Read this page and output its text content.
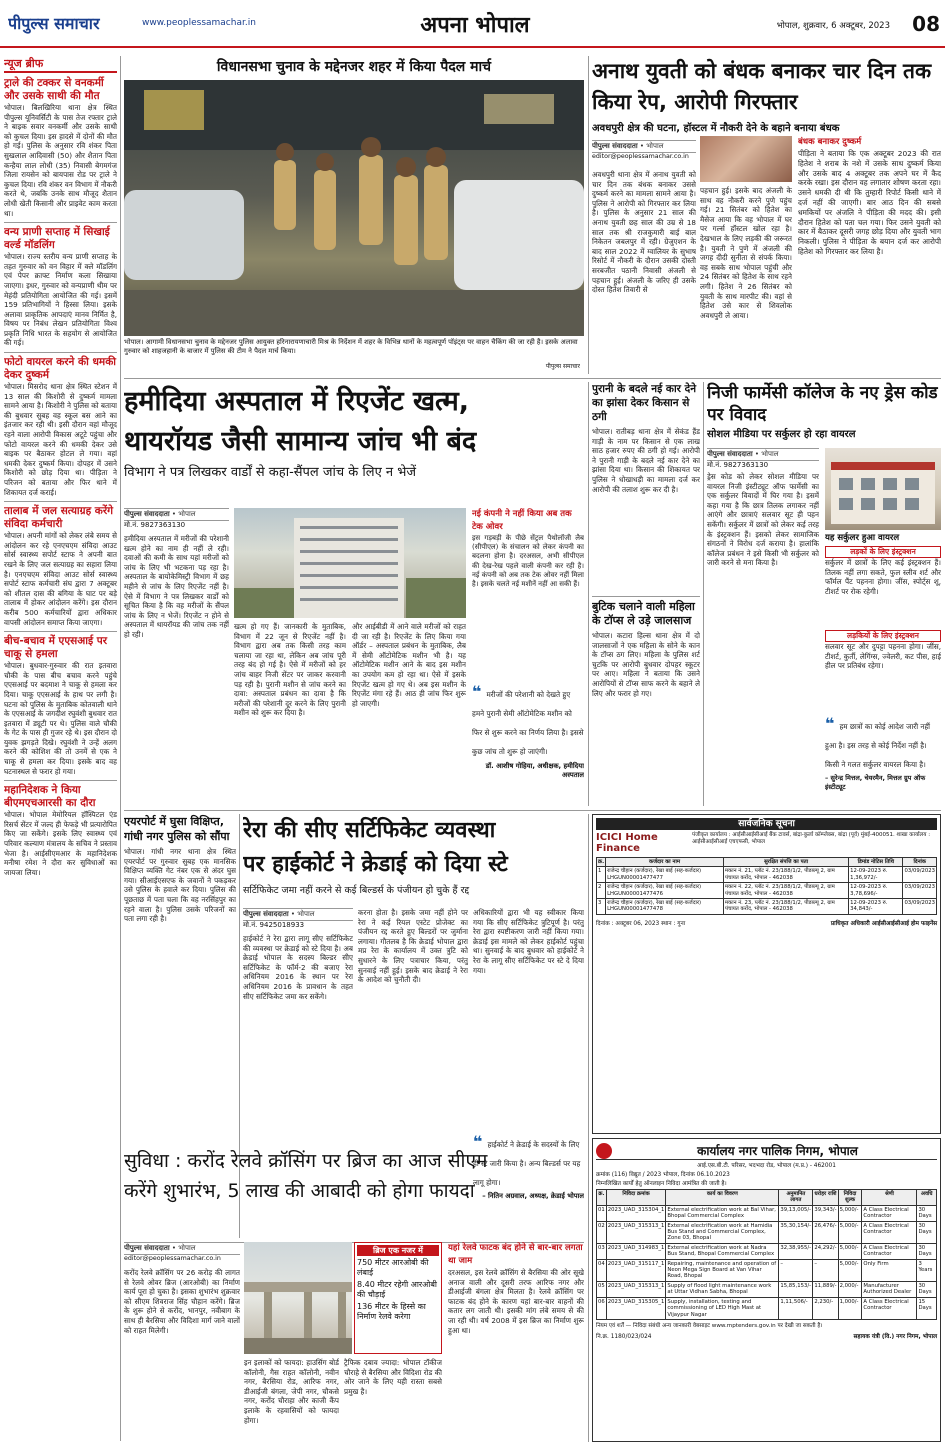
पीपुल्स समाचार	www.peoplessamachar.in	अपना भोपाल	भोपाल, शुक्रवार, 6 अक्टूबर, 2023	08
न्यूज ब्रीफ
ट्राले की टक्कर से वनकर्मी और उसके साथी की मौत
भोपाल। बिलखिरिया थाना क्षेत्र स्थित पीपुल्स यूनिवर्सिटी के पास तेज रफ्तार ट्राले ने बाइक सवार वनकर्मी और उसके साथी को कुचल दिया। इस हादसे में दोनों की मौत हो गई। पुलिस के अनुसार रवि शंकर पिता सुखलाल आदिवासी (50) और शैतान पिता कन्हैया लाल लोधी (35) निवासी बेगमगंज जिला रायसेन को बायपास रोड पर ट्राले ने कुचल दिया। रवि शंकर वन विभाग में नौकरी करते थे, जबकि उनके साथ मौजूद शैतान लोधी खेती किसानी और प्राइवेट काम करता था।
वन्य प्राणी सप्ताह में सिखाई वर्ल्ड मॉडलिंग
भोपाल। राज्य स्तरीय वन्य प्राणी सप्ताह के तहत गुरुवार को वन विहार में क्ले मॉडलिंग एवं पेपर क्राफ्ट निर्माण कला सिखाया जाएगा। इधर, गुरुवार को वन्यप्राणी थीम पर मेहंदी प्रतियोगिता आयोजित की गई। इसमें 159 प्रतिभागियों ने हिस्सा लिया। इसके अलावा प्राकृतिक आपदाएं मानव निर्मित है, विषय पर निबंध लेखन प्रतियोगिता विश्व प्रकृति निधि भारत के सहयोग से आयोजित की गई।
फोटो वायरल करने की धमकी देकर दुष्कर्म
भोपाल। मिसरोद थाना क्षेत्र स्थित स्टेशन में 13 साल की किशोरी से दुष्कर्म मामला सामने आया है। किशोरी ने पुलिस को बताया की बुधवार सुबह वह स्कूल बस आने का इंतजार कर रही थी। इसी दौरान वहां मौजूद रहने वाला आरोपी विकास अटूटे पहुंचा और फोटो वायरल करने की धमकी देकर उसे बाइक पर बैठाकर होटल ले गया। वहां धमकी देकर दुष्कर्म किया। दोपहर में उसने किशोरी को छोड़ दिया था। पीड़िता ने परिजन को बताया और फिर थाने में शिकायत दर्ज कराई।
तालाब में जल सत्याग्रह करेंगे संविदा कर्मचारी
भोपाल। अपनी मांगों को लेकर लंबे समय से आंदोलन कर रहे एनएचएम संविदा आउट सोर्स स्वास्थ्य सपोर्ट स्टाफ ने अपनी बात रखने के लिए जल सत्याग्रह का सहारा लिया है। एनएचएम संविदा आउट सोर्स स्वास्थ्य सपोर्ट स्टाफ कर्मचारी संघ द्वारा 7 अक्टूबर को शीतल दास की बगिया के घाट पर बड़े तालाब में होकर आंदोलन करेंगे। इस दौरान करीब 500 कर्मचारियों द्वारा अधिकार वापसी आंदोलन समाप्त किया जाएगा।
बीच-बचाव में एएसआई पर चाकू से हमला
भोपाल। बुधवार-गुरुवार की रात इतवारा चौकी के पास बीच बचाव करने पहुंचे एएसआई पर बदमाश ने चाकू से हमला कर दिया। चाकू एएसआई के हाथ पर लगी है। घटना को पुलिस के मुताबिक कोतवाली थाने के एएसआई के जगदीश रघुवंशी बुधवार रात इतवारा में ड्यूटी पर थे। पुलिस वाले चौकी के गेट के पास ही गुजर रहे थे। इस दौरान दो युवक झगड़ते दिखे। रघुवंशी ने उन्हें अलग करने की कोशिश की तो उनमें से एक ने चाकू से हमला कर दिया। इसके बाद वह घटनास्थल से फरार हो गया।
महानिदेशक ने किया बीएमएचआरसी का दौरा
भोपाल। भोपाल मेमोरियल हॉस्पिटल एंड रिसर्च सेंटर में जल्द ही फेफड़े भी प्रत्यारोपित किए जा सकेंगे। इसके लिए स्वास्थ्य एवं परिवार कल्याण मंत्रालय के सचिव ने प्रस्ताव भेजा है। आईसीएमआर के महानिदेशक मनीषा रमेश ने दौरा कर सुविधाओं का जायजा लिया।
विधानसभा चुनाव के मद्देनजर शहर में किया पैदल मार्च
भोपाल। आगामी विधानसभा चुनाव के मद्देनजर पुलिस आयुक्त हरिनारायणाचारी मिश्र के निर्देशन में शहर के विभिन्न थानों के महत्वपूर्ण पॉइंट्स पर वाहन चैकिंग की जा रही है। इसके अलावा गुरुवार को शाहजहानी के बाजार में पुलिस की टीम ने पैदल मार्च किया।
पीपुल्स समाचार
अनाथ युवती को बंधक बनाकर चार दिन तक किया रेप, आरोपी गिरफ्तार
अवधपुरी क्षेत्र की घटना, हॉस्टल में नौकरी देने के बहाने बनाया बंधक
पीपुल्स संवाददाता • भोपाल
editor@peoplessamachar.co.in
अवधपुरी थाना क्षेत्र में अनाथ युवती को चार दिन तक बंधक बनाकर उससे दुष्कर्म करने का मामला सामने आया है। पुलिस ने आरोपी को गिरफ्तार कर लिया है। पुलिस के अनुसार 21 साल की अनाथ युवती छह साल की उम्र से 18 साल तक श्री राजकुमारी बाई बाल निकेतन जबलपुर में रही। ग्रेजुएशन के बाद साल 2022 में ग्वालियर के सुभाष रिसोर्ट में नौकरी के दौरान उसकी दोस्ती सरबजीत पठानी निवासी अंजली से पहचान हुई। अंजली के जरिए ही उसके दोस्त हितेश तिवारी से
पहचान हुई। इसके बाद अंजली के साथ वह नौकरी करने पुणे पहुंच गई। 21 सितंबर को हितेश का मैसेज आया कि वह भोपाल में घर पर गर्ल्स हॉस्टल खोल रहा है। देखभाल के लिए लड़की की जरूरत है। युवती ने पुणे में अंजली की जगह दीदी सुनीता से संपर्क किया। वह सबके साथ भोपाल पहुंची और 24 सितंबर को हितेश के साथ रहने लगी। हितेश ने 26 सितंबर को युवती के साथ मारपीट की। वहां से हितेश उसे कार से शिवलोक अवधपुरी ले आया।
बंधक बनाकर दुष्कर्म
पीड़िता ने बताया कि एक अक्टूबर 2023 की रात हितेश ने शराब के नशे में उसके साथ दुष्कर्म किया और उसके बाद 4 अक्टूबर तक अपने घर में कैद करके रखा। इस दौरान वह लगातार शोषण करता रहा। उसने धमकी दी थी कि तुम्हारी रिपोर्ट किसी थाने में दर्ज नहीं की जाएगी। बार आठ दिन की सबसे धमकियों पर अंजलि ने पीड़िता की मदद की। इसी दौरान हितेश को पता चल गया। फिर उसने युवती को कार में बैठाकर दूसरी जगह छोड़ दिया और युवती भाग निकली। पुलिस ने पीड़िता के बयान दर्ज कर आरोपी हितेश को गिरफ्तार कर लिया है।
हमीदिया अस्पताल में रिएजेंट खत्म,
थायरॉयड जैसी सामान्य जांच भी बंद
विभाग ने पत्र लिखकर वार्डों से कहा-सैंपल जांच के लिए न भेजें
पीपुल्स संवाददाता • भोपाल
मो.नं. 9827363130
हमीदिया अस्पताल में मरीजों की परेशानी खत्म होने का नाम ही नहीं ले रही। दवाओं की कमी के साथ यहां मरीजों को जांच के लिए भी भटकना पड़ रहा है। अस्पताल के बायोकेमिस्ट्री विभाग में छह महीने से जांच के लिए रिएजेंट नहीं है। ऐसे में विभाग ने पत्र लिखकर वार्डों को सूचित किया है कि वह मरीजों के सैंपल जांच के लिए न भेजें। रिएजेंट न होने से अस्पताल में थायरॉयड की जांच तक नहीं हो रही।
खत्म हो गए हैं। जानकारी के मुताबिक, विभाग में 22 जून से रिएजेंट नहीं है। विभाग द्वारा अब तक किसी तरह काम चलाया जा रहा था, लेकिन अब जांच पूरी तरह बंद हो गई है। ऐसे में मरीजों को हर जांच बाहर निजी सेंटर पर जाकर करवानी पड़ रही है। पुरानी मशीन से जांच करने का दावा: अस्पताल प्रबंधन का दावा है कि मरीजों की परेशानी दूर करने के लिए पुरानी मशीन को शुरू कर दिया है।
और आईबीडी में आने वाले मरीजों को राहत दी जा रही है। रिएजेंट के लिए किया गया ऑर्डर – अस्पताल प्रबंधन के मुताबिक, लैब में सेमी ऑटोमेटिक मशीन भी है। यह ऑटोमेटिक मशीन आने के बाद इस मशीन का उपयोग कम हो रहा था। ऐसे में इसके रिएजेंट खत्म हो गए थे। अब इस मशीन के रिएजेंट मंगा रहे हैं। आठ ही जांच फिर शुरू हो जाएगी।
नई कंपनी ने नहीं किया अब तक टेक ओवर
इस गड़बड़ी के पीछे सेंट्रल पैथोलॉजी लैब (सीपीएल) के संचालन को लेकर कंपनी का बदलना होना है। दरअसल, अभी सीपीएल की देख-रेख पहले वाली कंपनी कर रही है। नई कंपनी को अब तक टेक ओवर नहीं मिला है। इसके चलते नई मशीनें नहीं आ सकी हैं।
❝ मरीजों की परेशानी को देखते हुए हमने पुरानी सेमी ऑटोमेटिक मशीन को फिर से शुरू करने का निर्णय लिया है। इससे कुछ जांच तो शुरू हो जाएंगी।
डॉ. आशीष गोहिया, अधीक्षक, हमीदिया अस्पताल
पुरानी के बदले नई कार देने का झांसा देकर किसान से ठगी
भोपाल। रातीबड़ थाना क्षेत्र में सेकंड हैंड गाड़ी के नाम पर किसान से एक लाख साठ हजार रुपए की ठगी हो गई। आरोपी ने पुरानी गाड़ी के बदले नई कार देने का झांसा दिया था। किसान की शिकायत पर पुलिस ने धोखाधड़ी का मामला दर्ज कर आरोपी की तलाश शुरू कर दी है।
बुटिक चलाने वाली महिला के टॉप्स ले उड़े जालसाज
भोपाल। कटारा हिल्स थाना क्षेत्र में दो जालसाजों ने एक महिला के सोने के कान के टॉप्स ठग लिए। महिला के पुलिस शर्ट चुटकि पर आरोपी बुधवार दोपहर स्कूटर पर आए। महिला ने बताया कि उसने आरोपियों से टॉप्स साफ करने के बहाने ले लिए और फरार हो गए।
निजी फार्मेसी कॉलेज के नए ड्रेस कोड पर विवाद
सोशल मीडिया पर सर्कुलर हो रहा वायरल
पीपुल्स संवाददाता • भोपाल
मो.नं. 9827363130
ड्रेस कोड को लेकर सोशल मीडिया पर वायरल निजी इंस्टीट्यूट ऑफ फार्मेसी का एक सर्कुलर विवादों में घिर गया है। इसमें कहा गया है कि छात्र तिलक लगाकर नहीं आएंगे और छात्राएं सलवार सूट ही पहन सकेंगी। सर्कुलर में छात्रों को लेकर कई तरह के इंस्ट्रक्शन हैं। इसको लेकर सामाजिक संगठनों ने विरोध दर्ज कराया है। हालांकि कॉलेज प्रबंधन ने इसे किसी भी सर्कुलर को जारी करने से मना किया है।
यह सर्कुलर हुआ वायरल
लड़कों के लिए इंस्ट्रक्शन
सर्कुलर में छात्रों के लिए कई इंस्ट्रक्शन हैं। तिलक नहीं लगा सकते, फुल स्लीव शर्ट और फॉर्मल पैंट पहनना होगा। जींस, स्पोर्ट्स शू, टीशर्ट पर रोक रहेगी।
लड़कियों के लिए इंस्ट्रक्शन
सलवार सूट और दुपट्टा पहनना होगा। जींस, टीशर्ट, कुर्ती, लेगिंग्स, ज्वेलरी, कट पीस, हाई हील पर प्रतिबंध रहेगा।
❝ हम छात्रों का कोई आदेश जारी नहीं हुआ है। इस तरह से कोई निर्देश नहीं है। किसी ने गलत सर्कुलर वायरल किया है।
– सुरेन्द्र मित्तल, चेयरमैन, मित्तल ग्रुप ऑफ इंस्टीट्यूट
एयरपोर्ट में घुसा विक्षिप्त, गांधी नगर पुलिस को सौंपा
भोपाल। गांधी नगर थाना क्षेत्र स्थित एयरपोर्ट पर गुरुवार सुबह एक मानसिक विक्षिप्त व्यक्ति गेट नंबर एक से अंदर घुस गया। सीआईएसएफ के जवानों ने पकड़कर उसे पुलिस के हवाले कर दिया। पुलिस की पूछताछ में पता चला कि वह नरसिंहपुर का रहने वाला है। पुलिस उसके परिजनों का पता लगा रही है।
रेरा की सीए सर्टिफिकेट व्यवस्था
पर हाईकोर्ट ने क्रेडाई को दिया स्टे
सर्टिफिकेट जमा नहीं करने से कई बिल्डर्स के पंजीयन हो चुके हैं रद्द
पीपुल्स संवाददाता • भोपाल
मो.नं. 9425018933
हाईकोर्ट ने रेरा द्वारा लागू सीए सर्टिफिकेट की व्यवस्था पर क्रेडाई को स्टे दिया है। अब क्रेडाई भोपाल के सदस्य बिल्डर सीए सर्टिफिकेट के फॉर्म-2 की बजाए रेरा अधिनियम 2016 के स्थान पर रेरा अधिनियम 2016 के प्रावधान के तहत सीए सर्टिफिकेट जमा कर सकेंगे।
करना होता है। इसके जमा नहीं होने पर रेरा ने कई रियल एस्टेट प्रोजेक्ट का पंजीयन रद्द करते हुए बिल्डरों पर जुर्माना लगाया। गौतलब है कि क्रेडाई भोपाल द्वारा मप्र रेरा के कार्यालय में उक्त त्रुटि को सुधारने के लिए पत्राचार किया, परंतु सुनवाई नहीं हुई। इसके बाद क्रेडाई ने रेरा के आदेश को चुनौती दी।
अधिकारियों द्वारा भी यह स्वीकार किया गया कि सीए सर्टिफिकेट त्रुटिपूर्ण है। परंतु रेरा द्वारा स्पष्टीकरण जारी नहीं किया गया। क्रेडाई इस मामले को लेकर हाईकोर्ट पहुंचा था। सुनवाई के बाद बुधवार को हाईकोर्ट ने रेरा के लागू सीए सर्टिफिकेट पर स्टे दे दिया गया।
❝ हाईकोर्ट ने क्रेडाई के सदस्यों के लिए ही स्टे जारी किया है। अन्य बिल्डर्स पर यह लागू होगा।
– नितिन अग्रवाल, अध्यक्ष, क्रेडाई भोपाल
सार्वजनिक सूचना
ICICI Home Finance
पंजीकृत कार्यालय : आईसीआईसीआई बैंक टावर्स, बांद्रा-कुर्ला कॉम्प्लेक्स, बांद्रा (पूर्व) मुंबई-400051. शाखा कार्यालय : आईसीआईसीआई एचएफसी, भोपाल
क्र.	कर्जदार का नाम	सुरक्षित संपत्ति का पता	डिमांड नोटिस तिथि	दिनांक
1	राजेन्द्र चौहान (कर्जदार), रेखा बाई (सह-कर्जदार) LHGUN00001477477	मकान नं. 21, प्लॉट नं. 23/188/1/2, पीडब्ल्यू 2, ग्राम पंचायत करोंद, भोपाल - 462038	12-09-2023 रु. 1,36,972/-	03/09/2023
2	राजेन्द्र चौहान (कर्जदार), रेखा बाई (सह-कर्जदार) LHGUN00001477476	मकान नं. 22, प्लॉट नं. 23/188/1/2, पीडब्ल्यू 2, ग्राम पंचायत करोंद, भोपाल - 462038	12-09-2023 रु. 3,78,696/-	03/09/2023
3	राजेन्द्र चौहान (कर्जदार), रेखा बाई (सह-कर्जदार) LHGUN00001477478	मकान नं. 23, प्लॉट नं. 23/188/1/2, पीडब्ल्यू 2, ग्राम पंचायत करोंद, भोपाल - 462038	12-09-2023 रु. 34,843/-	03/09/2023
दिनांक : अक्टूबर 06, 2023 स्थान : गुना	प्राधिकृत अधिकारी आईसीआईसीआई होम फाइनेंस
सुविधा : करोंद रेलवे क्रॉसिंग पर ब्रिज का आज सीएम
करेंगे शुभारंभ, 5 लाख की आबादी को होगा फायदा
पीपुल्स संवाददाता • भोपाल
editor@peoplessamachar.co.in
करोंद रेलवे क्रॉसिंग पर 26 करोड़ की लागत से रेलवे ओवर ब्रिज (आरओबी) का निर्माण कार्य पूरा हो चुका है। इसका शुभारंभ शुक्रवार को सीएम शिवराज सिंह चौहान करेंगे। ब्रिज के शुरू होने से करोंद, भानपुर, नवीबाग के साथ ही बैरसिया और विदिशा मार्ग जाने वालों को राहत मिलेगी।
ब्रिज एक नजर में
750 मीटर आरओबी की लंबाई
8.40 मीटर रहेगी आरओबी की चौड़ाई
136 मीटर के हिस्से का निर्माण रेलवे करेगा
इन इलाकों को फायदा: हाउसिंग बोर्ड कॉलोनी, गैस राहत कॉलोनी, नवीन नगर, बैरसिया रोड, आरिफ नगर, डीआईजी बंगला, जेपी नगर, चौकसे नगर, करोंद चौराहा और काजी कैंप इलाके के रहवासियों को फायदा होगा।
ट्रैफिक दबाव ज्यादा: भोपाल टॉकीज चौराहे से बैरसिया और विदिशा रोड की ओर जाने के लिए यही रास्ता सबसे प्रमुख है।
यहां रेलवे फाटक बंद होने से बार-बार लगता था जाम
दरअसल, इस रेलवे क्रॉसिंग से बैरसिया की ओर सूखे अनाज वाली और दूसरी तरफ आरिफ नगर और डीआईजी बंगला क्षेत्र मिलता है। रेलवे क्रॉसिंग पर फाटक बंद होने के कारण यहां बार-बार वाहनों की कतार लग जाती थी। इसकी मांग लंबे समय से की जा रही थी। वर्ष 2008 में इस ब्रिज का निर्माण शुरू हुआ था।
कार्यालय नगर पालिक निगम, भोपाल
आई.एस.बी.टी. परिसर, भदभदा रोड, भोपाल (म.प्र.) - 462001
क्रमांक (116) विद्युत / 2023 भोपाल, दिनांक 06.10.2023
निम्नलिखित कार्यों हेतु ऑनलाइन निविदा आमंत्रित की जाती है।
क्र.	निविदा क्रमांक	कार्य का विवरण	अनुमानित लागत	धरोहर राशि	निविदा शुल्क	श्रेणी	अवधि
01	2023_UAD_315304_1	External electrification work at Bal Vihar, Bhopal Commercial Complex	39,13,005/-	39,343/-	5,000/-	A Class Electrical Contractor	30 Days
02	2023_UAD_315313_1	External electrification work at Hamidia Bus Stand and Commercial Complex, Zone 03, Bhopal	35,30,154/-	26,476/-	5,000/-	A Class Electrical Contractor	30 Days
03	2023_UAD_314983_1	External electrification work at Nadra Bus Stand, Bhopal Commercial Complex	32,38,955/-	24,292/-	5,000/-	A Class Electrical Contractor	30 Days
04	2023_UAD_315117_1	Repairing, maintenance and operation of Neon Mega Sign Board at Van Vihar Road, Bhopal	–	–	5,000/-	Only Firm	3 Years
05	2023_UAD_315313_1	Supply of flood light maintenance work at Uttar Vidhan Sabha, Bhopal	15,85,153/-	11,889/-	2,000/-	Manufacturer Authorized Dealer	30 Days
06	2023_UAD_315305_1	Supply, installation, testing and commissioning of LED High Mast at Vijaypur Nagar	1,11,506/-	2,230/-	1,000/-	A Class Electrical Contractor	15 Days
नियम एवं शर्तें — निविदा संबंधी अन्य जानकारी वेबसाइट www.mptenders.gov.in पर देखी जा सकती है।
नि.क्र. 1180/023/024	सहायक यंत्री (वि.) नगर निगम, भोपाल
